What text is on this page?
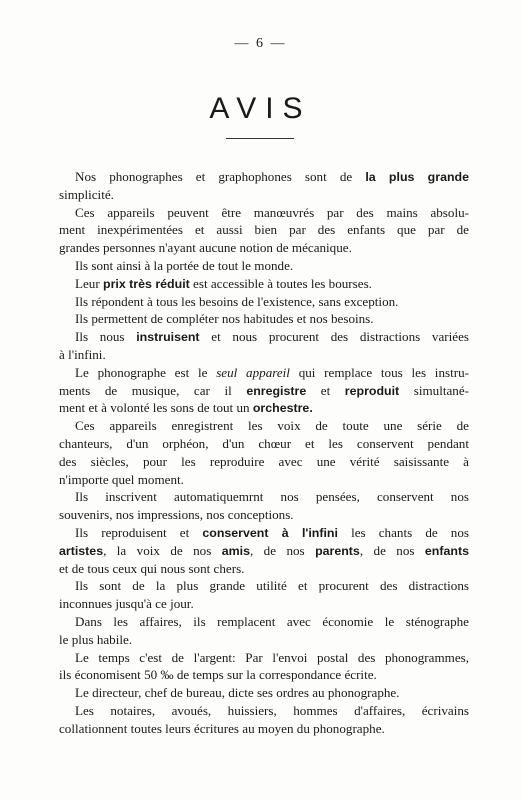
— 6 —
AVIS
Nos phonographes et graphophones sont de la plus grande
simplicité.
Ces appareils peuvent être manœuvrés par des mains absolu-
ment inexpérimentées et aussi bien par des enfants que par de
grandes personnes n'ayant aucune notion de mécanique.
Ils sont ainsi à la portée de tout le monde.
Leur prix très réduit est accessible à toutes les bourses.
Ils répondent à tous les besoins de l'existence, sans exception.
Ils permettent de compléter nos habitudes et nos besoins.
Ils nous instruisent et nous procurent des distractions variées
à l'infini.
Le phonographe est le seul appareil qui remplace tous les instru-
ments de musique, car il enregistre et reproduit simultané-
ment et à volonté les sons de tout un orchestre.
Ces appareils enregistrent les voix de toute une série de
chanteurs, d'un orphéon, d'un chœur et les conservent pendant
des siècles, pour les reproduire avec une vérité saisissante à
n'importe quel moment.
Ils inscrivent automatiquemrnt nos pensées, conservent nos
souvenirs, nos impressions, nos conceptions.
Ils reproduisent et conservent à l'infini les chants de nos
artistes, la voix de nos amis, de nos parents, de nos enfants
et de tous ceux qui nous sont chers.
Ils sont de la plus grande utilité et procurent des distractions
inconnues jusqu'à ce jour.
Dans les affaires, ils remplacent avec économie le sténographe
le plus habile.
Le temps c'est de l'argent: Par l'envoi postal des phonogrammes,
ils économisent 50 ‰ de temps sur la correspondance écrite.
Le directeur, chef de bureau, dicte ses ordres au phonographe.
Les notaires, avoués, huissiers, hommes d'affaires, écrivains
collationnent toutes leurs écritures au moyen du phonographe.
